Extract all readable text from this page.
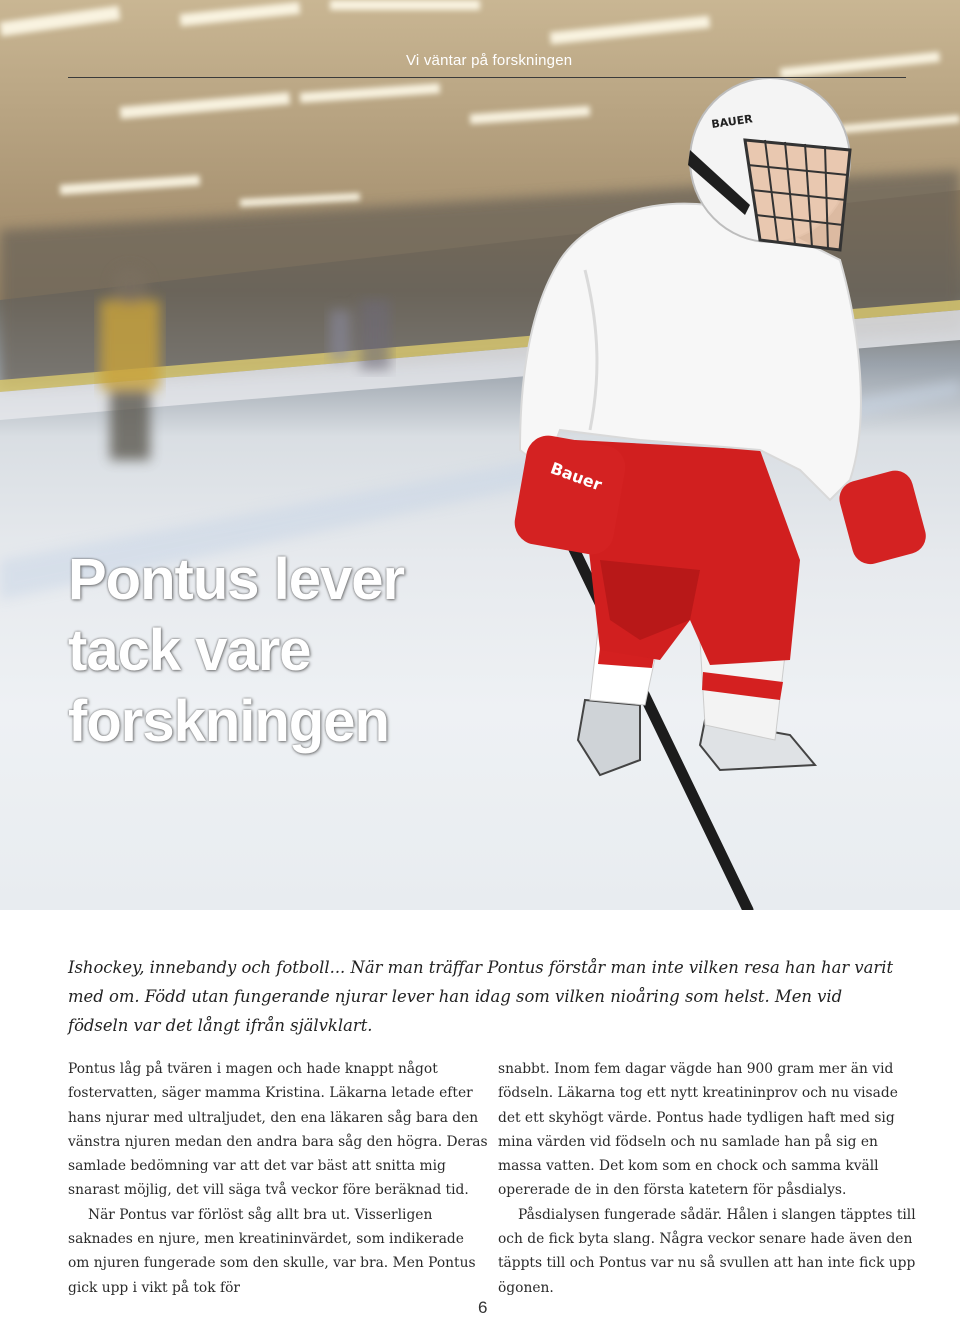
Bauer
BAUER
Vi väntar på forskningen
Pontus lever
tack vare
forskningen

Ishockey, innebandy och fotboll... När man träffar Pontus förstår man inte vilken resa han har varit med om. Född utan fungerande njurar lever han idag som vilken nioåring som helst. Men vid födseln var det långt ifrån självklart.

Pontus låg på tvären i magen och hade knappt något fostervatten, säger mamma Kristina. Läkarna letade efter hans njurar med ultraljudet, den ena läkaren såg bara den vänstra njuren medan den andra bara såg den högra. Deras samlade bedömning var att det var bäst att snitta mig snarast möjlig, det vill säga två veckor före beräknad tid.

När Pontus var förlöst såg allt bra ut. Visserligen saknades en njure, men kreatininvärdet, som indikerade om njuren fungerade som den skulle, var bra. Men Pontus gick upp i vikt på tok för

snabbt. Inom fem dagar vägde han 900 gram mer än vid födseln. Läkarna tog ett nytt kreatininprov och nu visade det ett skyhögt värde. Pontus hade tydligen haft med sig mina värden vid födseln och nu samlade han på sig en massa vatten. Det kom som en chock och samma kväll opererade de in den första katetern för påsdialys.

Påsdialysen fungerade sådär. Hålen i slangen täpptes till och de fick byta slang. Några veckor senare hade även den täppts till och Pontus var nu så svullen att han inte fick upp ögonen.

6
